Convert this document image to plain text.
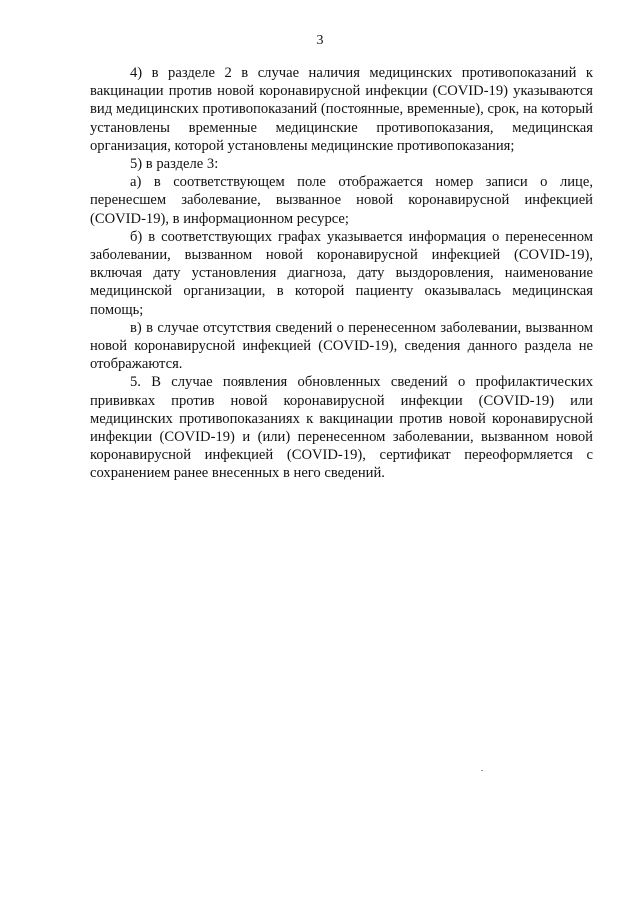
3

4) в разделе 2 в случае наличия медицинских противопоказаний к вакцинации против новой коронавирусной инфекции (COVID-19) указываются вид медицинских противопоказаний (постоянные, временные), срок, на который установлены временные медицинские противопоказания, медицинская организация, которой установлены медицинские противопоказания;

5) в разделе 3:

а) в соответствующем поле отображается номер записи о лице, перенесшем заболевание, вызванное новой коронавирусной инфекцией (COVID-19), в информационном ресурсе;

б) в соответствующих графах указывается информация о перенесенном заболевании, вызванном новой коронавирусной инфекцией (COVID-19), включая дату установления диагноза, дату выздоровления, наименование медицинской организации, в которой пациенту оказывалась медицинская помощь;

в) в случае отсутствия сведений о перенесенном заболевании, вызванном новой коронавирусной инфекцией (COVID-19), сведения данного раздела не отображаются.

5. В случае появления обновленных сведений о профилактических прививках против новой коронавирусной инфекции (COVID-19) или медицинских противопоказаниях к вакцинации против новой коронавирусной инфекции (COVID-19) и (или) перенесенном заболевании, вызванном новой коронавирусной инфекцией (COVID-19), сертификат переоформляется с сохранением ранее внесенных в него сведений.
